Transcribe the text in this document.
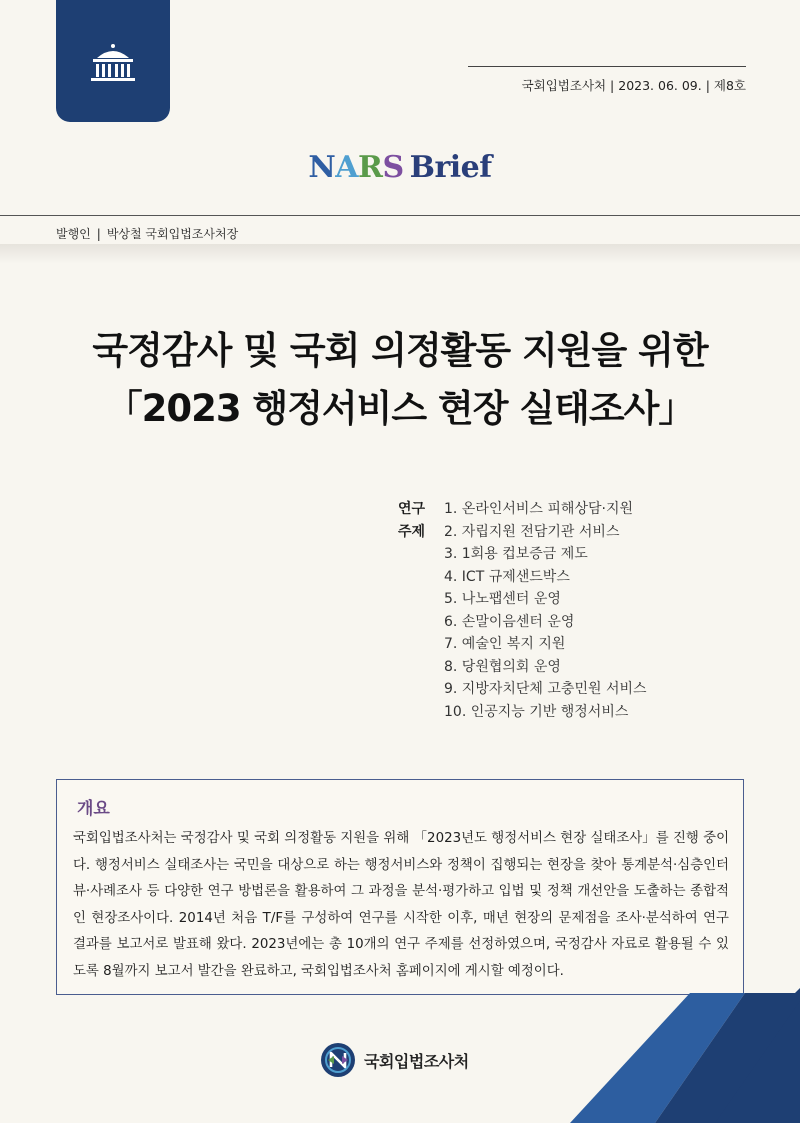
국회입법조사처 | 2023. 06. 09. | 제8호
NARS Brief
발행인 | 박상철 국회입법조사처장
국정감사 및 국회 의정활동 지원을 위한
「2023 행정서비스 현장 실태조사」
연구
주제
1. 온라인서비스 피해상담·지원
2. 자립지원 전담기관 서비스
3. 1회용 컵보증금 제도
4. ICT 규제샌드박스
5. 나노팹센터 운영
6. 손말이음센터 운영
7. 예술인 복지 지원
8. 당원협의회 운영
9. 지방자치단체 고충민원 서비스
10. 인공지능 기반 행정서비스
개요
국회입법조사처는 국정감사 및 국회 의정활동 지원을 위해 「2023년도 행정서비스 현장 실태조사」를 진행 중이다. 행정서비스 실태조사는 국민을 대상으로 하는 행정서비스와 정책이 집행되는 현장을 찾아 통계분석·심층인터뷰·사례조사 등 다양한 연구 방법론을 활용하여 그 과정을 분석·평가하고 입법 및 정책 개선안을 도출하는 종합적인 현장조사이다. 2014년 처음 T/F를 구성하여 연구를 시작한 이후, 매년 현장의 문제점을 조사·분석하여 연구 결과를 보고서로 발표해 왔다. 2023년에는 총 10개의 연구 주제를 선정하였으며, 국정감사 자료로 활용될 수 있도록 8월까지 보고서 발간을 완료하고, 국회입법조사처 홈페이지에 게시할 예정이다.
국회입법조사처
